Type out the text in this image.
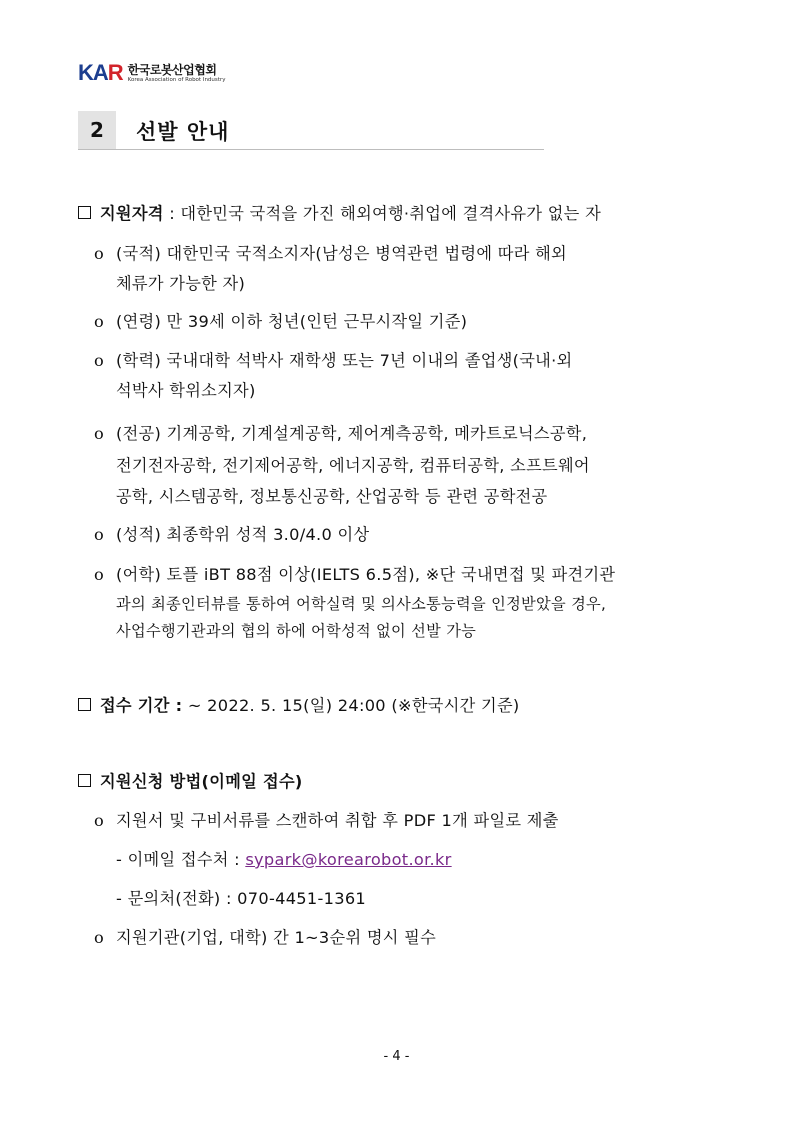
KAR 한국로봇산업협회
Korea Association of Robot Industry
2	선발 안내
지원자격 : 대한민국 국적을 가진 해외여행·취업에 결격사유가 없는 자
o (국적) 대한민국 국적소지자(남성은 병역관련 법령에 따라 해외
체류가 가능한 자)
o (연령) 만 39세 이하 청년(인턴 근무시작일 기준)
o (학력) 국내대학 석박사 재학생 또는 7년 이내의 졸업생(국내·외
석박사 학위소지자)
o (전공) 기계공학, 기계설계공학, 제어계측공학, 메카트로닉스공학,
전기전자공학, 전기제어공학, 에너지공학, 컴퓨터공학, 소프트웨어
공학, 시스템공학, 정보통신공학, 산업공학 등 관련 공학전공
o (성적) 최종학위 성적 3.0/4.0 이상
o (어학) 토플 iBT 88점 이상(IELTS 6.5점), ※단 국내면접 및 파견기관
과의 최종인터뷰를 통하여 어학실력 및 의사소통능력을 인정받았을 경우,
사업수행기관과의 협의 하에 어학성적 없이 선발 가능
접수 기간 : ~ 2022. 5. 15(일) 24:00 (※한국시간 기준)
지원신청 방법(이메일 접수)
o 지원서 및 구비서류를 스캔하여 취합 후 PDF 1개 파일로 제출
- 이메일 접수처 : sypark@korearobot.or.kr
- 문의처(전화) : 070-4451-1361
o 지원기관(기업, 대학) 간 1~3순위 명시 필수
- 4 -
